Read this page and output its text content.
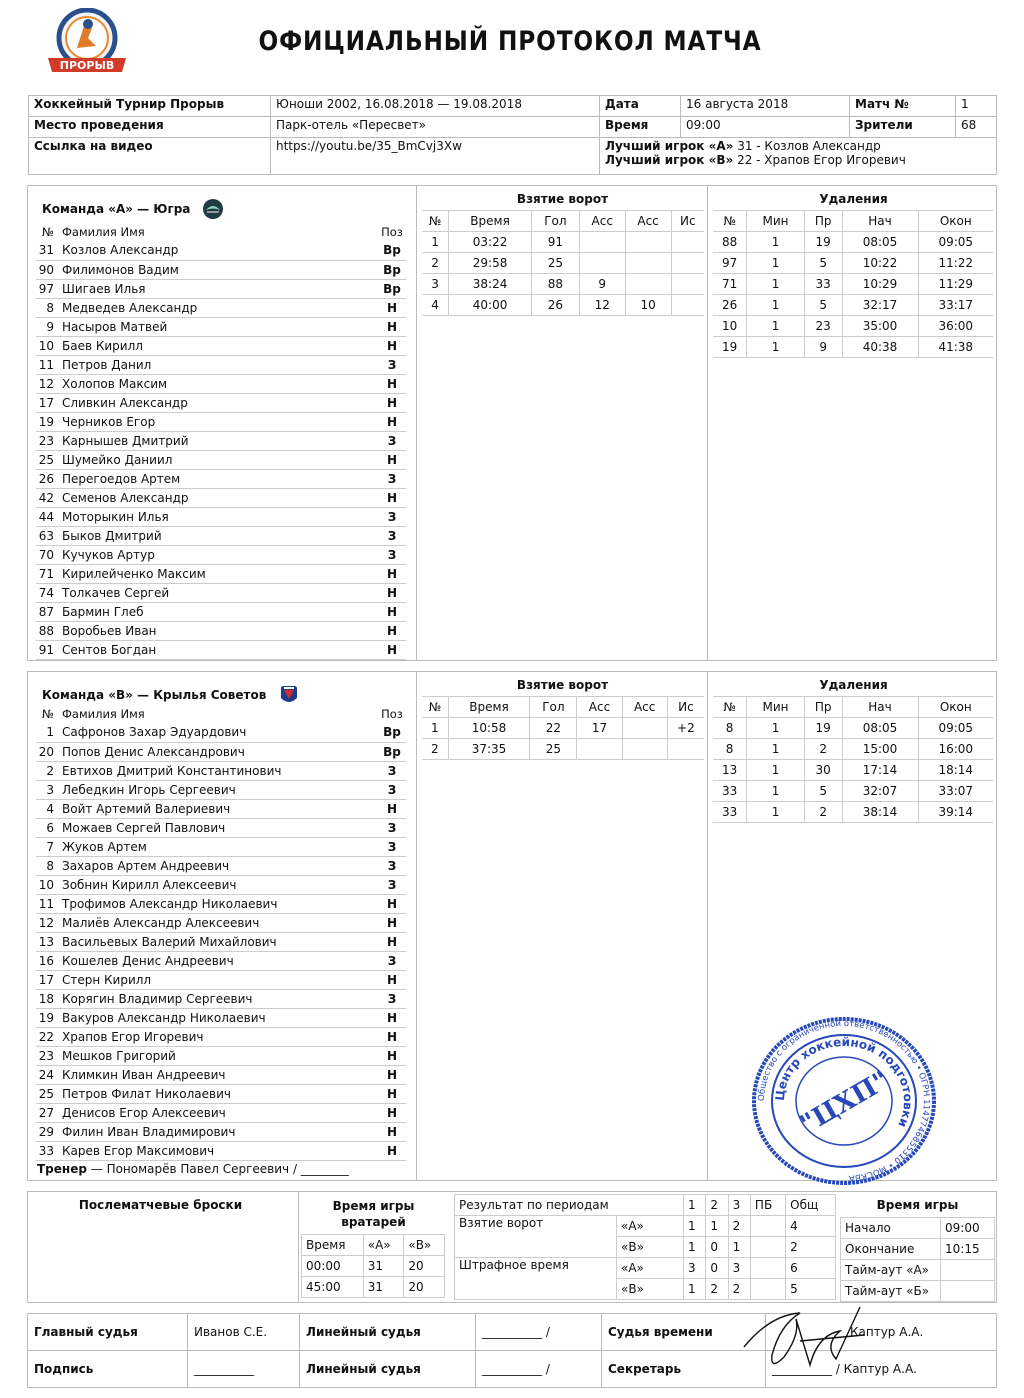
ПРОРЫВ
ОФИЦИАЛЬНЫЙ ПРОТОКОЛ МАТЧА
Хоккейный Турнир Прорыв	Юноши 2002, 16.08.2018 — 19.08.2018	Дата	16 августа 2018	Матч №	1
Место проведения	Парк-отель «Пересвет»	Время	09:00	Зрители	68
Ссылка на видео	https://youtu.be/35_BmCvj3Xw	Лучший игрок «А» 31 - Козлов Александр
Лучший игрок «В» 22 - Храпов Егор Игоревич			
Команда «А» — Югра
№	Фамилия Имя	Поз
31	Козлов Александр	Вр
90	Филимонов Вадим	Вр
97	Шигаев Илья	Вр
8	Медведев Александр	Н
9	Насыров Матвей	Н
10	Баев Кирилл	Н
11	Петров Данил	З
12	Холопов Максим	Н
17	Сливкин Александр	Н
19	Черников Егор	Н
23	Карнышев Дмитрий	З
25	Шумейко Даниил	Н
26	Перегоедов Артем	З
42	Семенов Александр	Н
44	Моторыкин Илья	З
63	Быков Дмитрий	З
70	Кучуков Артур	З
71	Кирилейченко Максим	Н
74	Толкачев Сергей	Н
87	Бармин Глеб	Н
88	Воробьев Иван	Н
91	Сентов Богдан	Н
Взятие ворот
№	Время	Гол	Асс	Асс	Ис
1	03:22	91			
2	29:58	25			
3	38:24	88	9		
4	40:00	26	12	10	
Удаления
№	Мин	Пр	Нач	Окон
88	1	19	08:05	09:05
97	1	5	10:22	11:22
71	1	33	10:29	11:29
26	1	5	32:17	33:17
10	1	23	35:00	36:00
19	1	9	40:38	41:38
Команда «В» — Крылья Советов
№	Фамилия Имя	Поз
1	Сафронов Захар Эдуардович	Вр
20	Попов Денис Александрович	Вр
2	Евтихов Дмитрий Константинович	З
3	Лебедкин Игорь Сергеевич	З
4	Войт Артемий Валериевич	Н
6	Можаев Сергей Павлович	З
7	Жуков Артем	З
8	Захаров Артем Андреевич	З
10	Зобнин Кирилл Алексеевич	З
11	Трофимов Александр Николаевич	Н
12	Малиёв Александр Алексеевич	Н
13	Васильевых Валерий Михайлович	Н
16	Кошелев Денис Андреевич	З
17	Стерн Кирилл	Н
18	Корягин Владимир Сергеевич	З
19	Вакуров Александр Николаевич	Н
22	Храпов Егор Игоревич	Н
23	Мешков Григорий	Н
24	Климкин Иван Андреевич	Н
25	Петров Филат Николаевич	Н
27	Денисов Егор Алексеевич	Н
29	Филин Иван Владимирович	Н
33	Карев Егор Максимович	Н
Тренер — Пономарёв Павел Сергеевич / ________
Взятие ворот
№	Время	Гол	Асс	Асс	Ис
1	10:58	22	17		+2
2	37:35	25			
Удаления
№	Мин	Пр	Нач	Окон
8	1	19	08:05	09:05
8	1	2	15:00	16:00
13	1	30	17:14	18:14
33	1	5	32:07	33:07
33	1	2	38:14	39:14
Общество с ограниченной ответственностью • ОГРН 1147746855310 • МОСКВА
Центр хоккейной подготовки
"ЦХП"
Послематчевые броски	Время игры вратарей
Время	«А»	«В»
00:00	31	20
45:00	31	20
Результат по периодам		1	2	3	ПБ	Общ
Взятие ворот	«А»	1	1	2		4
	«В»	1	0	1		2
Штрафное время	«А»	3	0	3		6
	«В»	1	2	2		5
Время игры
Начало	09:00
Окончание	10:15
Тайм-аут «А»	
Тайм-аут «Б»	
Главный судья	Иванов С.Е.	Линейный судья	__________ /	Судья времени	Каптур А.А.
Подпись	__________	Линейный судья	__________ /	Секретарь	__________ / Каптур А.А.
